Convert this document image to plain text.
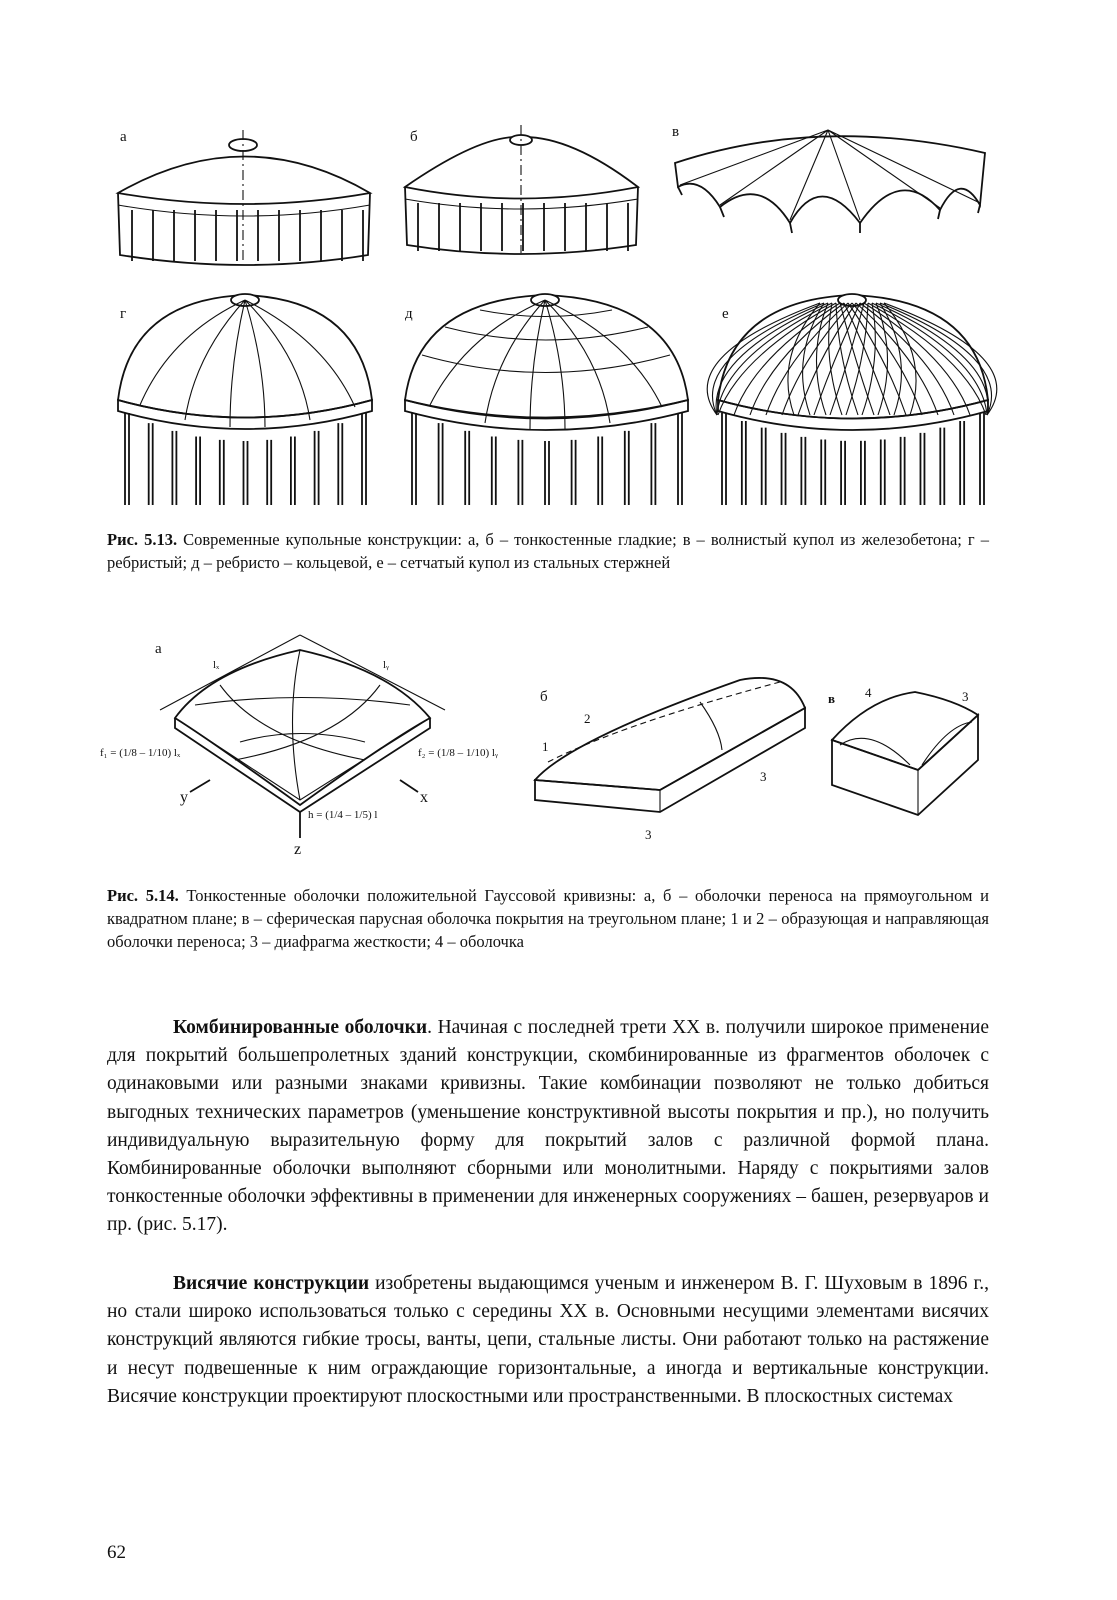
а	б	в
г	д	е
Рис. 5.13. Современные купольные конструкции: а, б – тонкостенные гладкие; в – волнистый купол из железобетона; г – ребристый; д – ребристо – кольцевой, е – сетчатый купол из стальных стержней
а
б	в
f₁ = (1/8 – 1/10) lₓ	f₂ = (1/8 – 1/10) lᵧ
h = (1/4 – 1/5) l
lₓ	lᵧ
y	x
z
1
2
3
3
4	3
Рис. 5.14. Тонкостенные оболочки положительной Гауссовой кривизны: а, б – оболочки переноса на прямоугольном и квадратном плане; в – сферическая парусная оболочка покрытия на треугольном плане; 1 и 2 – образующая и направляющая оболочки переноса; 3 – диафрагма жесткости; 4 – оболочка

Комбинированные оболочки. Начиная с последней трети XX в. получили широкое применение для покрытий большепролетных зданий конструкции, скомбинированные из фрагментов оболочек с одинаковыми или разными знаками кривизны. Такие комбинации позволяют не только добиться выгодных технических параметров (уменьшение конструктивной высоты покрытия и пр.), но получить индивидуальную выразительную форму для покрытий залов с различной формой плана. Комбинированные оболочки выполняют сборными или монолитными. Наряду с покрытиями залов тонкостенные оболочки эффективны в применении для инженерных сооружениях – башен, резервуаров и пр. (рис. 5.17).

Висячие конструкции изобретены выдающимся ученым и инженером В. Г. Шуховым в 1896 г., но стали широко использоваться только с середины XX в. Основными несущими элементами висячих конструкций являются гибкие тросы, ванты, цепи, стальные листы. Они работают только на растяжение и несут подвешенные к ним ограждающие горизонтальные, а иногда и вертикальные конструкции. Висячие конструкции проектируют плоскостными или пространственными. В плоскостных системах

62
